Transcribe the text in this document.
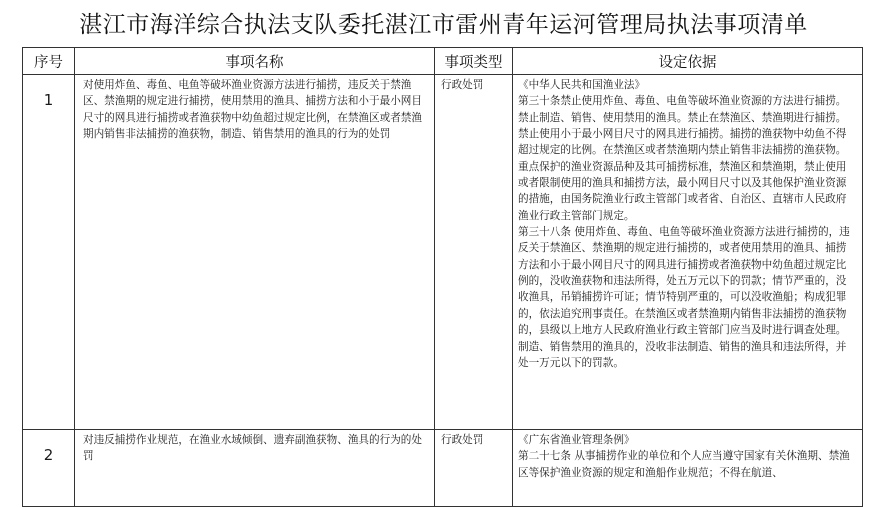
湛江市海洋综合执法支队委托湛江市雷州青年运河管理局执法事项清单
序号	事项名称	事项类型	设定依据
1	对使用炸鱼、毒鱼、电鱼等破坏渔业资源方法进行捕捞，违反关于禁渔区、禁渔期的规定进行捕捞，使用禁用的渔具、捕捞方法和小于最小网目尺寸的网具进行捕捞或者渔获物中幼鱼超过规定比例，在禁渔区或者禁渔期内销售非法捕捞的渔获物，制造、销售禁用的渔具的行为的处罚	行政处罚	《中华人民共和国渔业法》
第三十条禁止使用炸鱼、毒鱼、电鱼等破坏渔业资源的方法进行捕捞。禁止制造、销售、使用禁用的渔具。禁止在禁渔区、禁渔期进行捕捞。禁止使用小于最小网目尺寸的网具进行捕捞。捕捞的渔获物中幼鱼不得超过规定的比例。在禁渔区或者禁渔期内禁止销售非法捕捞的渔获物。重点保护的渔业资源品种及其可捕捞标准，禁渔区和禁渔期，禁止使用或者限制使用的渔具和捕捞方法，最小网目尺寸以及其他保护渔业资源的措施，由国务院渔业行政主管部门或者省、自治区、直辖市人民政府渔业行政主管部门规定。
第三十八条 使用炸鱼、毒鱼、电鱼等破坏渔业资源方法进行捕捞的，违反关于禁渔区、禁渔期的规定进行捕捞的，或者使用禁用的渔具、捕捞方法和小于最小网目尺寸的网具进行捕捞或者渔获物中幼鱼超过规定比例的，没收渔获物和违法所得，处五万元以下的罚款；情节严重的，没收渔具，吊销捕捞许可证；情节特别严重的，可以没收渔船；构成犯罪的，依法追究刑事责任。在禁渔区或者禁渔期内销售非法捕捞的渔获物的，县级以上地方人民政府渔业行政主管部门应当及时进行调查处理。制造、销售禁用的渔具的，没收非法制造、销售的渔具和违法所得，并处一万元以下的罚款。

2	对违反捕捞作业规范，在渔业水域倾倒、遗弃副渔获物、渔具的行为的处罚	行政处罚	《广东省渔业管理条例》
第二十七条 从事捕捞作业的单位和个人应当遵守国家有关休渔期、禁渔区等保护渔业资源的规定和渔船作业规范；不得在航道、
